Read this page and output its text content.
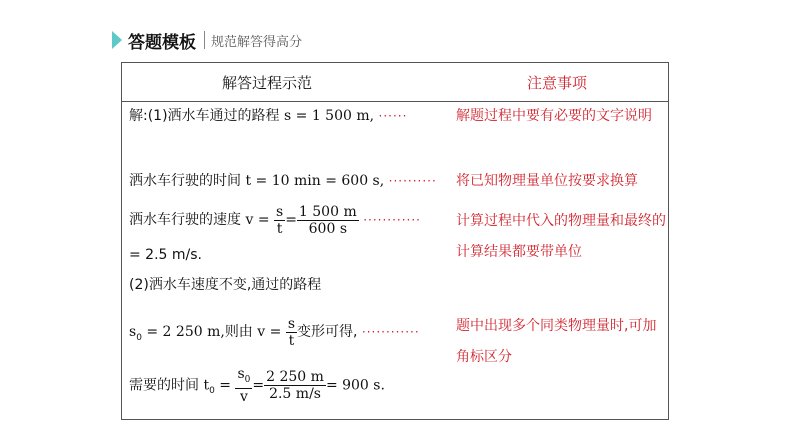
答题模板 规范解答得高分
解答过程示范	注意事项
解:(1)洒水车通过的路程 s = 1 500 m, ······	解题过程中要有必要的文字说明
洒水车行驶的时间 t = 10 min = 600 s, ·········· 将已知物理量单位按要求换算
洒水车行驶的速度 $v = \frac{s}{t} = \frac{1 500 m}{600 s}$ ············	计算过程中代入的物理量和最终的计算结果都要带单位
= 2.5 m/s.
(2)洒水车速度不变,通过的路程
$s_0 = 2$ 250 m,则由 $v = \frac{s}{t}$ 变形可得, ············	题中出现多个同类物理量时,可加角标区分
需要的时间 $t_0 = \frac{s_0}{v} = \frac{2 250 m}{2.5 m/s} = 900$ s.
